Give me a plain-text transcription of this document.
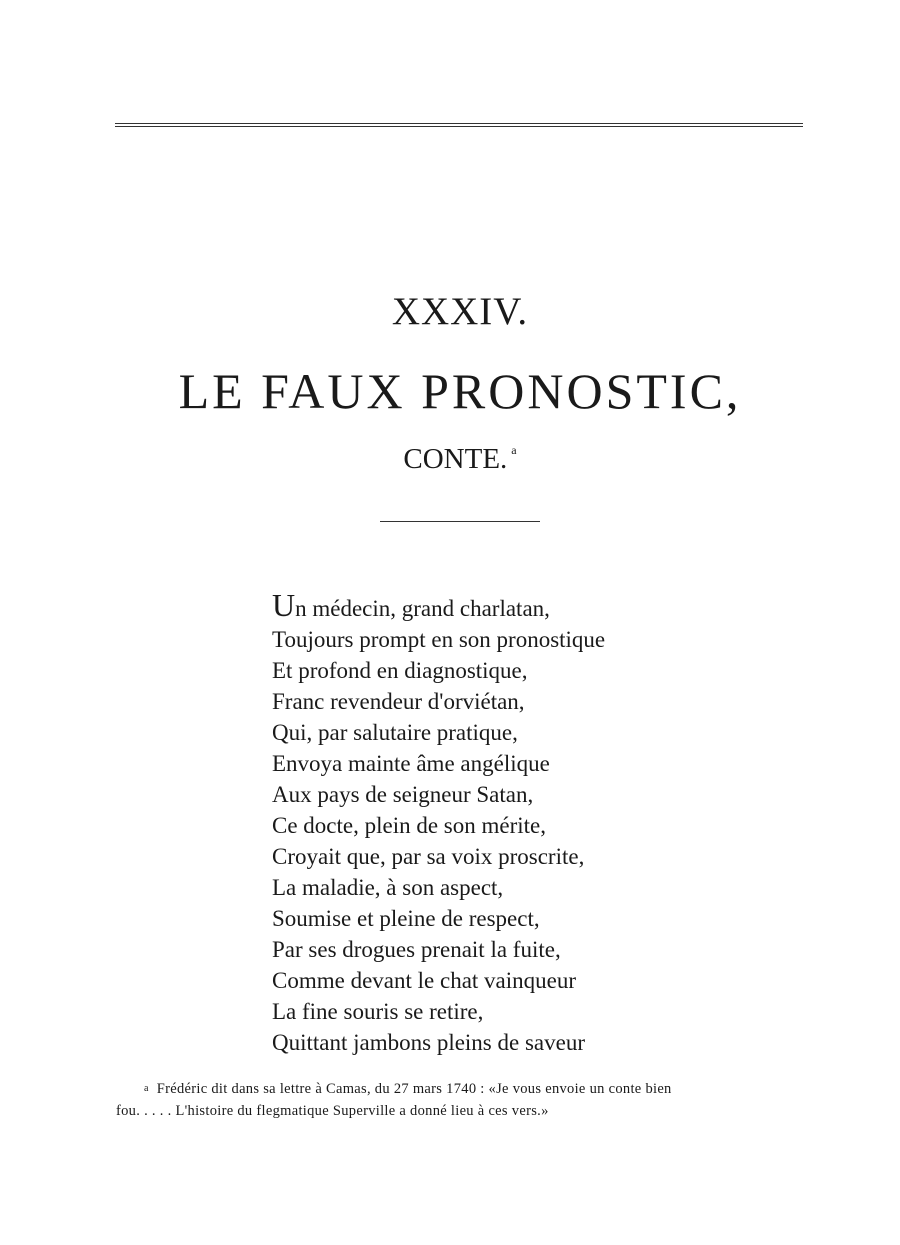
XXXIV.
LE FAUX PRONOSTIC,
CONTE. $^a$
Un médecin, grand charlatan,
Toujours prompt en son pronostique
Et profond en diagnostique,
Franc revendeur d'orviétan,
Qui, par salutaire pratique,
Envoya mainte âme angélique
Aux pays de seigneur Satan,
Ce docte, plein de son mérite,
Croyait que, par sa voix proscrite,
La maladie, à son aspect,
Soumise et pleine de respect,
Par ses drogues prenait la fuite,
Comme devant le chat vainqueur
La fine souris se retire,
Quittant jambons pleins de saveur
a Frédéric dit dans sa lettre à Camas, du 27 mars 1740 : «Je vous envoie un conte bien
fou. . . . . L'histoire du flegmatique Superville a donné lieu à ces vers.»
